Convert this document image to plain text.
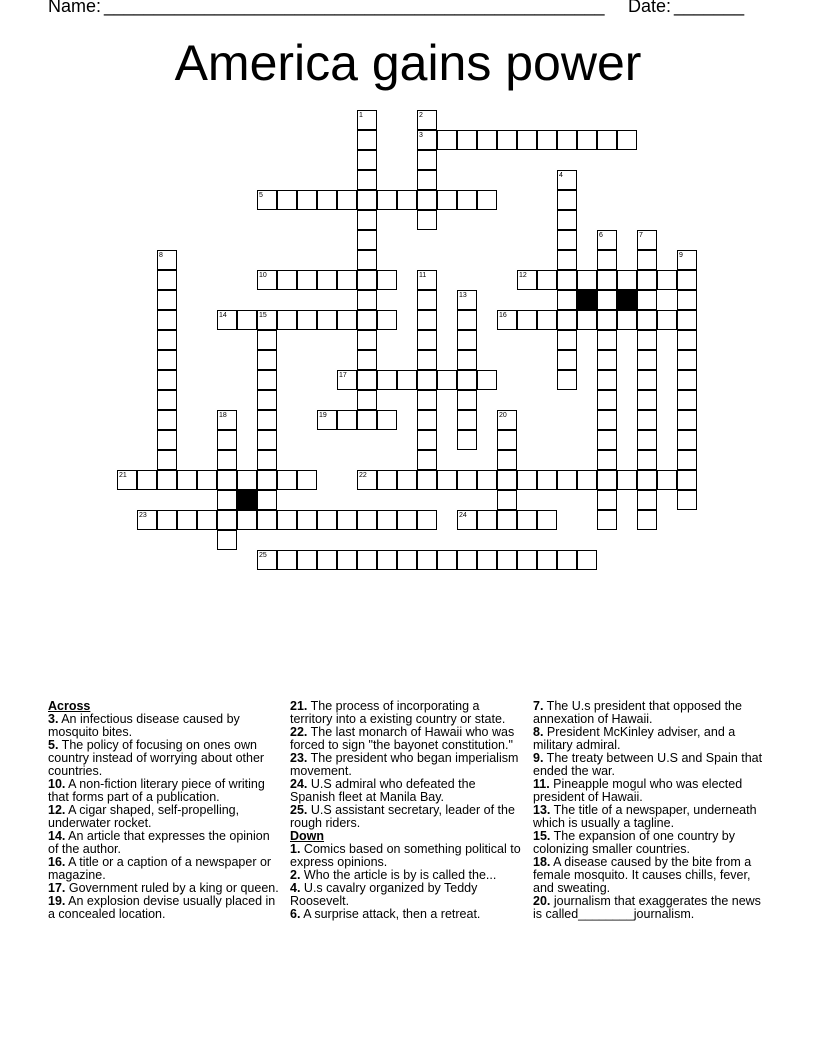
Name: __________________________________________________ Date: _______
America gains power
1	2
3
4
5
6	7
8	9
10	11	12
13
14	15	16
17
18	19	20
21	22
23	24
25

Across

3. An infectious disease caused by mosquito bites.

5. The policy of focusing on ones own country instead of worrying about other countries.

10. A non-fiction literary piece of writing that forms part of a publication.

12. A cigar shaped, self-propelling, underwater rocket.

14. An article that expresses the opinion of the author.

16. A title or a caption of a newspaper or magazine.

17. Government ruled by a king or queen.

19. An explosion devise usually placed in a concealed location.

21. The process of incorporating a territory into a existing country or state.

22. The last monarch of Hawaii who was forced to sign "the bayonet constitution."

23. The president who began imperialism movement.

24. U.S admiral who defeated the Spanish fleet at Manila Bay.

25. U.S assistant secretary, leader of the rough riders.

Down

1. Comics based on something political to express opinions.

2. Who the article is by is called the...

4. U.s cavalry organized by Teddy Roosevelt.

6. A surprise attack, then a retreat.

7. The U.s president that opposed the annexation of Hawaii.

8. President McKinley adviser, and a military admiral.

9. The treaty between U.S and Spain that ended the war.

11. Pineapple mogul who was elected president of Hawaii.

13. The title of a newspaper, underneath which is usually a tagline.

15. The expansion of one country by colonizing smaller countries.

18. A disease caused by the bite from a female mosquito. It causes chills, fever, and sweating.

20. journalism that exaggerates the news is called________journalism.
